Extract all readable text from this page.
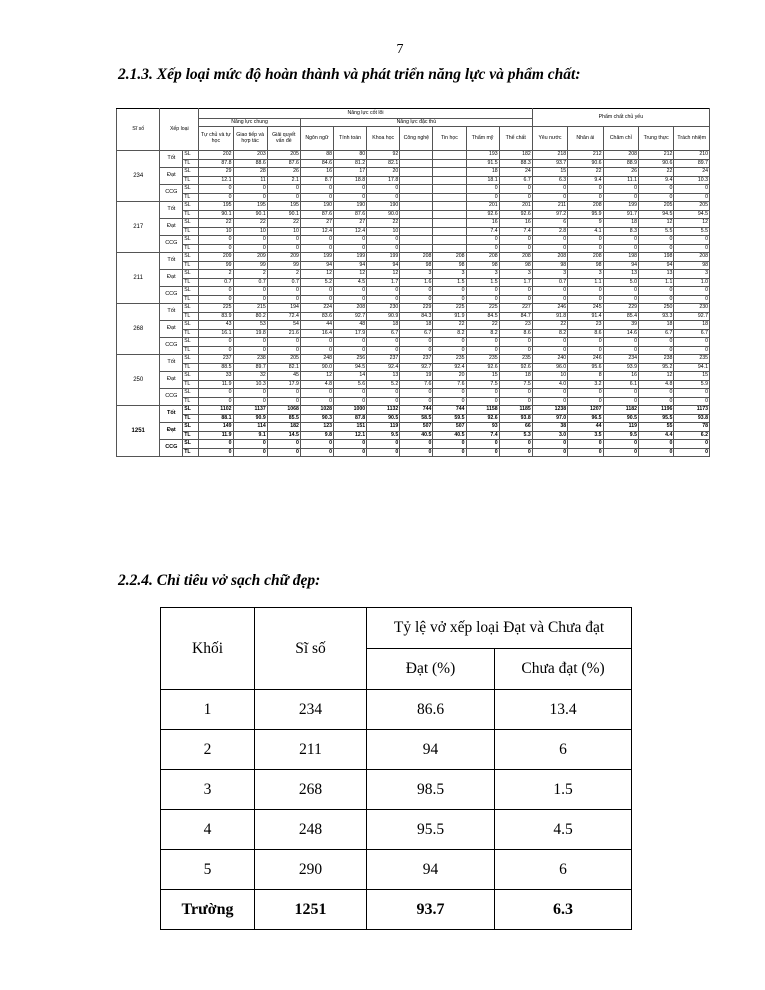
7
2.1.3. Xếp loại mức độ hoàn thành và phát triển năng lực và phẩm chất:
Sĩ số	Xếp loại		Năng lực cốt lõi										Phẩm chất chủ yếu				
			Năng lực chung			Năng lực đặc thù											
			Tự chủ và tự học	Giao tiếp và hợp tác	Giải quyết vấn đề	Ngôn ngữ	Tính toán	Khoa học	Công nghệ	Tin học	Thẩm mỹ	Thể chất	Yêu nước	Nhân ái	Chăm chỉ	Trung thực	Trách nhiệm
234	Tốt	SL	202	203	205	88	80	92			193	182	218	212	208	212	210
		TL	87.8	88.6	87.6	84.6	81.2	82.1			91.5	88.3	93.7	90.6	88.9	90.6	89.7
	Đạt	SL	29	28	26	16	17	20			18	24	15	22	26	22	24
		TL	12.1	11	2.1	8.7	18.8	17.8			18.1	6.7	6.3	9.4	11.1	9.4	10.3
	CCG	SL	0	0	0	0	0	0			0	0	0	0	0	0	0
		TL	0	0	0	0	0	0			0	0	0	0	0	0	0
217	Tốt	SL	195	195	195	190	190	190			201	201	211	208	199	205	205
		TL	90.1	90.1	90.1	87.6	87.6	90.0			92.6	92.6	97.2	95.9	91.7	94.5	94.5
	Đạt	SL	22	22	22	27	27	22			16	16	6	9	18	12	12
		TL	10	10	10	12.4	12.4	10			7.4	7.4	2.8	4.1	8.3	5.5	5.5
	CCG	SL	0	0	0	0	0	0			0	0	0	0	0	0	0
		TL	0	0	0	0	0	0			0	0	0	0	0	0	0
211	Tốt	SL	209	209	209	199	199	199	208	208	208	208	208	208	198	198	208
		TL	99	99	99	94	94	94	98	98	98	98	98	98	94	94	98
	Đạt	SL	2	2	2	12	12	12	3	3	3	3	3	3	13	13	3
		TL	0.7	0.7	0.7	5.2	4.5	1.7	1.6	1.5	1.5	1.7	0.7	1.1	5.0	1.1	1.0
	CCG	SL	0	0	0	0	0	0	0	0	0	0	0	0	0	0	0
		TL	0	0	0	0	0	0	0	0	0	0	0	0	0	0	0
268	Tốt	SL	225	215	194	224	208	230	229	225	225	227	246	245	229	250	230
		TL	83.9	80.2	72.4	83.6	92.7	90.9	84.3	91.9	84.5	84.7	91.8	91.4	85.4	93.3	92.7
	Đạt	SL	43	53	54	44	48	18	18	22	22	23	22	23	39	18	18
		TL	16.1	19.8	21.6	16.4	17.9	6.7	6.7	8.2	8.2	8.6	8.2	8.6	14.6	6.7	6.7
	CCG	SL	0	0	0	0	0	0	0	0	0	0	0	0	0	0	0
		TL	0	0	0	0	0	0	0	0	0	0	0	0	0	0	0
250	Tốt	SL	237	238	205	248	256	237	237	235	235	235	240	246	234	238	235
		TL	88.5	89.7	82.1	90.0	94.5	92.4	92.7	92.4	92.6	92.6	96.0	95.6	93.9	95.2	94.1
	Đạt	SL	33	32	45	12	14	13	19	20	15	18	10	8	16	12	15
		TL	11.9	10.3	17.9	4.8	5.6	5.2	7.6	7.6	7.5	7.5	4.0	3.2	6.1	4.8	5.9
	CCG	SL	0	0	0	0	0	0	0	0	0	0	0	0	0	0	0
		TL	0	0	0	0	0	0	0	0	0	0	0	0	0	0	0
1251	Tốt	SL	1102	1137	1068	1028	1000	1132	744	744	1158	1185	1238	1207	1182	1196	1173
		TL	88.1	90.9	85.5	90.3	87.8	90.5	58.5	59.5	92.6	93.8	97.0	96.5	90.5	95.5	93.8
	Đạt	SL	149	114	182	123	151	119	507	507	93	66	38	44	119	55	78
		TL	11.9	9.1	14.5	9.8	12.1	9.5	40.5	40.5	7.4	5.3	3.0	3.5	9.5	4.4	6.2
	CCG	SL	0	0	0	0	0	0	0	0	0	0	0	0	0	0	0
		TL	0	0	0	0	0	0	0	0	0	0	0	0	0	0	0
2.2.4. Chỉ tiêu vở sạch chữ đẹp:
Khối	Sĩ số	Tỷ lệ vở xếp loại Đạt và Chưa đạt	
		Đạt (%)	Chưa đạt (%)
1	234	86.6	13.4
2	211	94	6
3	268	98.5	1.5
4	248	95.5	4.5
5	290	94	6
Trường	1251	93.7	6.3
